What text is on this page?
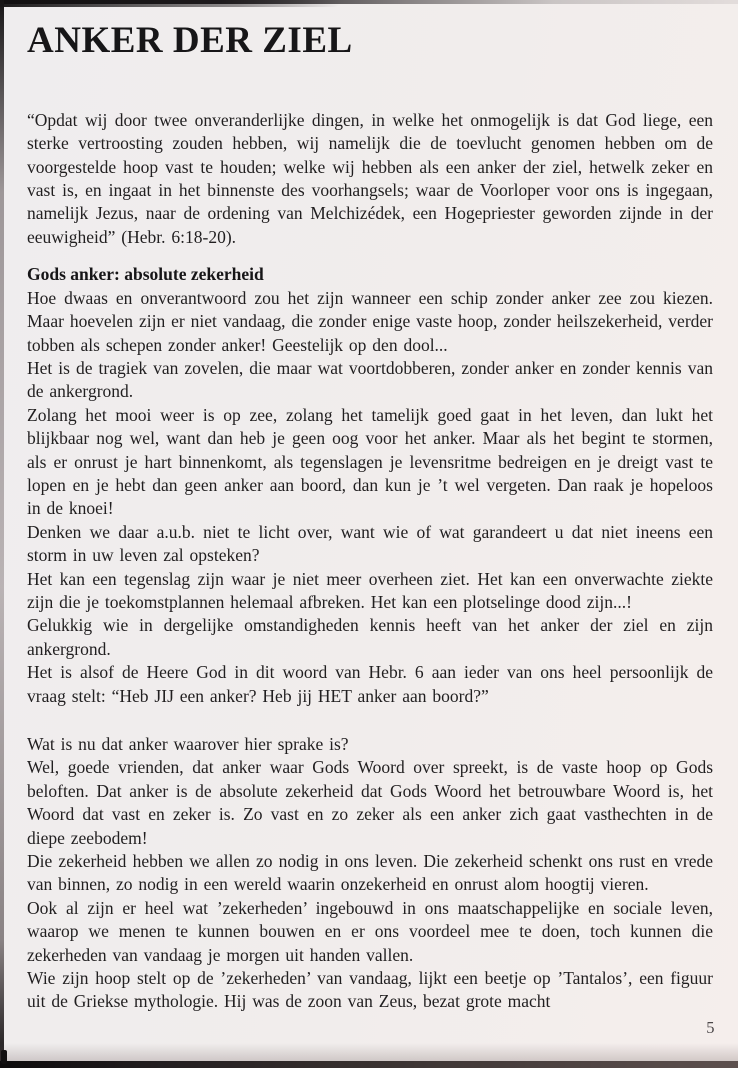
ANKER DER ZIEL

“Opdat wij door twee onveranderlijke dingen, in welke het onmogelijk is dat God liege, een sterke vertroosting zouden hebben, wij namelijk die de toevlucht genomen hebben om de voorgestelde hoop vast te houden; welke wij hebben als een anker der ziel, hetwelk zeker en vast is, en ingaat in het binnenste des voorhangsels; waar de Voorloper voor ons is ingegaan, namelijk Jezus, naar de ordening van Melchizédek, een Hogepriester geworden zijnde in der eeuwigheid” (Hebr. 6:18-20).

Gods anker: absolute zekerheid

Hoe dwaas en onverantwoord zou het zijn wanneer een schip zonder anker zee zou kiezen. Maar hoevelen zijn er niet vandaag, die zonder enige vaste hoop, zonder heilszekerheid, verder tobben als schepen zonder anker! Geestelijk op den dool...

Het is de tragiek van zovelen, die maar wat voortdobberen, zonder anker en zonder kennis van de ankergrond.

Zolang het mooi weer is op zee, zolang het tamelijk goed gaat in het leven, dan lukt het blijkbaar nog wel, want dan heb je geen oog voor het anker. Maar als het begint te stormen, als er onrust je hart binnenkomt, als tegenslagen je levensritme bedreigen en je dreigt vast te lopen en je hebt dan geen anker aan boord, dan kun je ’t wel vergeten. Dan raak je hopeloos in de knoei!

Denken we daar a.u.b. niet te licht over, want wie of wat garandeert u dat niet ineens een storm in uw leven zal opsteken?

Het kan een tegenslag zijn waar je niet meer overheen ziet. Het kan een onverwachte ziekte zijn die je toekomstplannen helemaal afbreken. Het kan een plotselinge dood zijn...!

Gelukkig wie in dergelijke omstandigheden kennis heeft van het anker der ziel en zijn ankergrond.

Het is alsof de Heere God in dit woord van Hebr. 6 aan ieder van ons heel persoonlijk de vraag stelt: “Heb JIJ een anker? Heb jij HET anker aan boord?”

Wat is nu dat anker waarover hier sprake is?

Wel, goede vrienden, dat anker waar Gods Woord over spreekt, is de vaste hoop op Gods beloften. Dat anker is de absolute zekerheid dat Gods Woord het betrouwbare Woord is, het Woord dat vast en zeker is. Zo vast en zo zeker als een anker zich gaat vasthechten in de diepe zeebodem!

Die zekerheid hebben we allen zo nodig in ons leven. Die zekerheid schenkt ons rust en vrede van binnen, zo nodig in een wereld waarin onzekerheid en onrust alom hoogtij vieren.

Ook al zijn er heel wat ’zekerheden’ ingebouwd in ons maatschappelijke en sociale leven, waarop we menen te kunnen bouwen en er ons voordeel mee te doen, toch kunnen die zekerheden van vandaag je morgen uit handen vallen.

Wie zijn hoop stelt op de ’zekerheden’ van vandaag, lijkt een beetje op ’Tantalos’, een figuur uit de Griekse mythologie. Hij was de zoon van Zeus, bezat grote macht

5
